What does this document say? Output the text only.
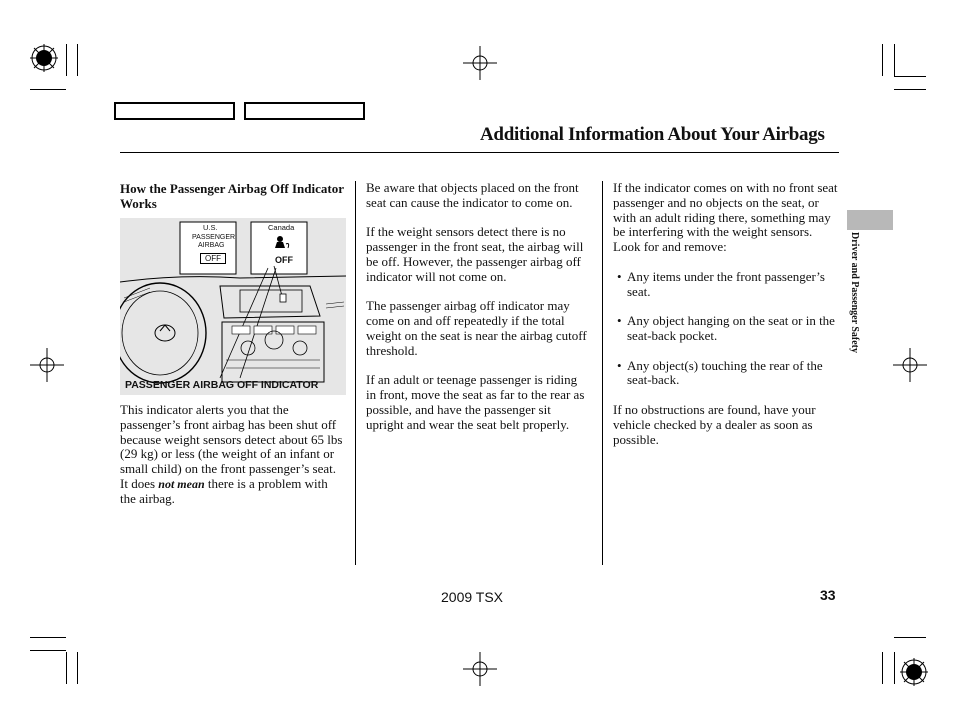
Additional Information About Your Airbags
Driver and Passenger Safety
How the Passenger Airbag Off Indicator Works
U.S.	Canada
PASSENGER
AIRBAG
OFF	OFF
PASSENGER AIRBAG OFF INDICATOR

This indicator alerts you that the passenger’s front airbag has been shut off because weight sensors detect about 65 lbs (29 kg) or less (the weight of an infant or small child) on the front passenger’s seat. It does not mean there is a problem with the airbag.

Be aware that objects placed on the front seat can cause the indicator to come on.

If the weight sensors detect there is no passenger in the front seat, the airbag will be off. However, the passenger airbag off indicator will not come on.

The passenger airbag off indicator may come on and off repeatedly if the total weight on the seat is near the airbag cutoff threshold.

If an adult or teenage passenger is riding in front, move the seat as far to the rear as possible, and have the passenger sit upright and wear the seat belt properly.

If the indicator comes on with no front seat passenger and no objects on the seat, or with an adult riding there, something may be interfering with the weight sensors. Look for and remove:

• Any items under the front passenger’s seat.
• Any object hanging on the seat or in the seat-back pocket.
• Any object(s) touching the rear of the seat-back.

If no obstructions are found, have your vehicle checked by a dealer as soon as possible.

2009 TSX	33
